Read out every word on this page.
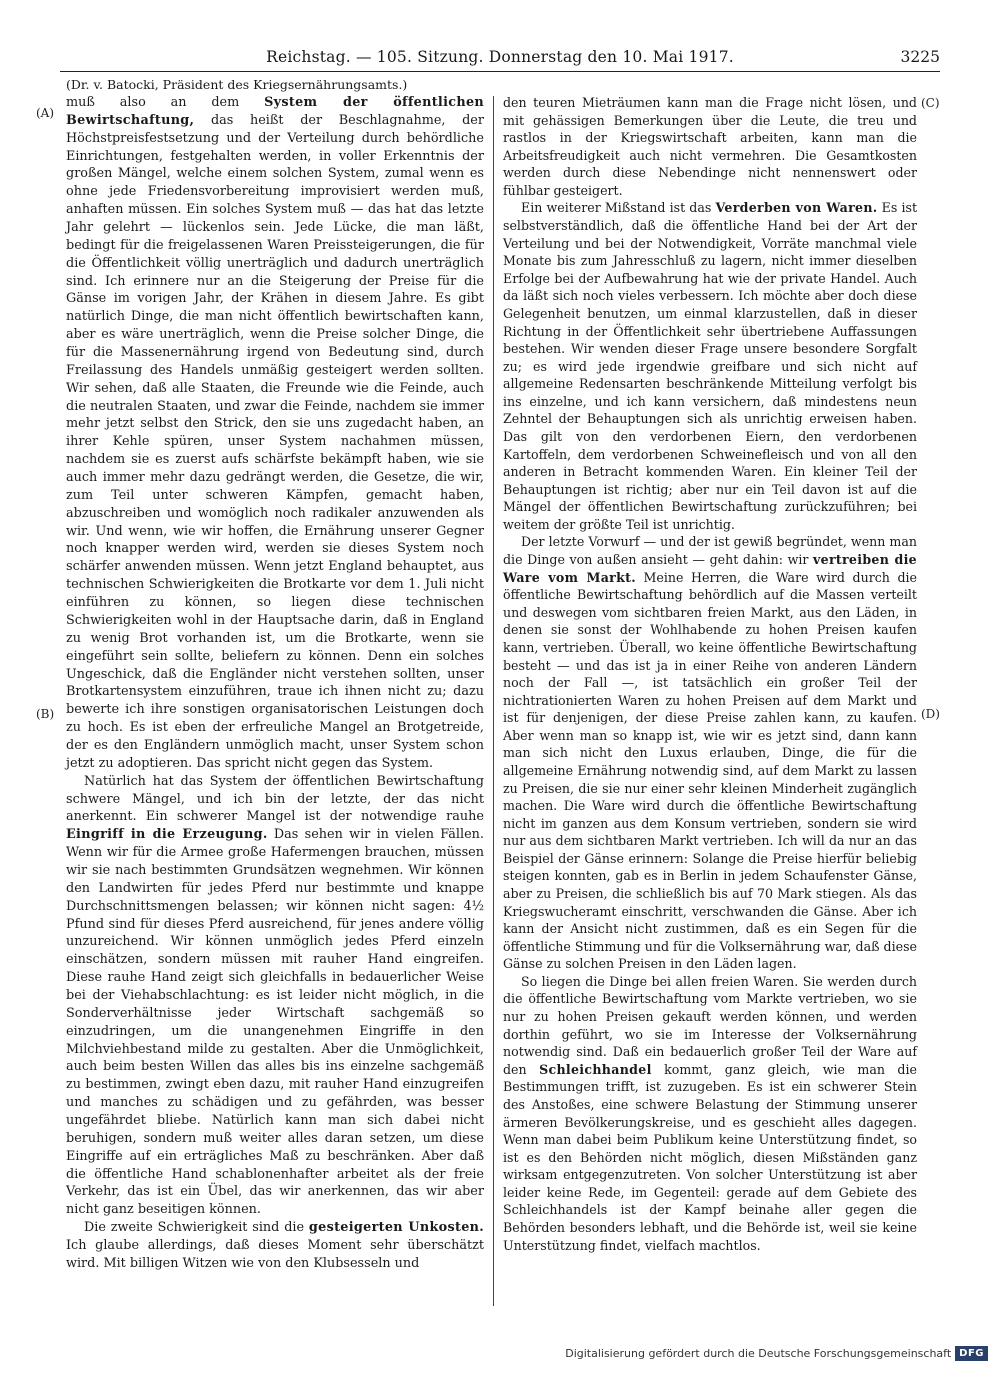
Reichstag. — 105. Sitzung. Donnerstag den 10. Mai 1917.	3225
(Dr. v. Batocki, Präsident des Kriegsernährungsamts.)
(A)
(B)
(C)
(D)

muß also an dem System der öffentlichen Bewirtschaftung, das heißt der Beschlagnahme, der Höchstpreisfestsetzung und der Verteilung durch behördliche Einrichtungen, festgehalten werden, in voller Erkenntnis der großen Mängel, welche einem solchen System, zumal wenn es ohne jede Friedensvorbereitung improvisiert werden muß, anhaften müssen. Ein solches System muß — das hat das letzte Jahr gelehrt — lückenlos sein. Jede Lücke, die man läßt, bedingt für die freigelassenen Waren Preissteigerungen, die für die Öffentlichkeit völlig unerträglich und dadurch unerträglich sind. Ich erinnere nur an die Steigerung der Preise für die Gänse im vorigen Jahr, der Krähen in diesem Jahre. Es gibt natürlich Dinge, die man nicht öffentlich bewirtschaften kann, aber es wäre unerträglich, wenn die Preise solcher Dinge, die für die Massenernährung irgend von Bedeutung sind, durch Freilassung des Handels unmäßig gesteigert werden sollten. Wir sehen, daß alle Staaten, die Freunde wie die Feinde, auch die neutralen Staaten, und zwar die Feinde, nachdem sie immer mehr jetzt selbst den Strick, den sie uns zugedacht haben, an ihrer Kehle spüren, unser System nachahmen müssen, nachdem sie es zuerst aufs schärfste bekämpft haben, wie sie auch immer mehr dazu gedrängt werden, die Gesetze, die wir, zum Teil unter schweren Kämpfen, gemacht haben, abzuschreiben und womöglich noch radikaler anzuwenden als wir. Und wenn, wie wir hoffen, die Ernährung unserer Gegner noch knapper werden wird, werden sie dieses System noch schärfer anwenden müssen. Wenn jetzt England behauptet, aus technischen Schwierigkeiten die Brotkarte vor dem 1. Juli nicht einführen zu können, so liegen diese technischen Schwierigkeiten wohl in der Hauptsache darin, daß in England zu wenig Brot vorhanden ist, um die Brotkarte, wenn sie eingeführt sein sollte, beliefern zu können. Denn ein solches Ungeschick, daß die Engländer nicht verstehen sollten, unser Brotkartensystem einzuführen, traue ich ihnen nicht zu; dazu bewerte ich ihre sonstigen organisatorischen Leistungen doch zu hoch. Es ist eben der erfreuliche Mangel an Brotgetreide, der es den Engländern unmöglich macht, unser System schon jetzt zu adoptieren. Das spricht nicht gegen das System.

Natürlich hat das System der öffentlichen Bewirtschaftung schwere Mängel, und ich bin der letzte, der das nicht anerkennt. Ein schwerer Mangel ist der notwendige rauhe Eingriff in die Erzeugung. Das sehen wir in vielen Fällen. Wenn wir für die Armee große Hafermengen brauchen, müssen wir sie nach bestimmten Grundsätzen wegnehmen. Wir können den Landwirten für jedes Pferd nur bestimmte und knappe Durchschnittsmengen belassen; wir können nicht sagen: 4½ Pfund sind für dieses Pferd ausreichend, für jenes andere völlig unzureichend. Wir können unmöglich jedes Pferd einzeln einschätzen, sondern müssen mit rauher Hand eingreifen. Diese rauhe Hand zeigt sich gleichfalls in bedauerlicher Weise bei der Viehabschlachtung: es ist leider nicht möglich, in die Sonderverhältnisse jeder Wirtschaft sachgemäß so einzudringen, um die unangenehmen Eingriffe in den Milchviehbestand milde zu gestalten. Aber die Unmöglichkeit, auch beim besten Willen das alles bis ins einzelne sachgemäß zu bestimmen, zwingt eben dazu, mit rauher Hand einzugreifen und manches zu schädigen und zu gefährden, was besser ungefährdet bliebe. Natürlich kann man sich dabei nicht beruhigen, sondern muß weiter alles daran setzen, um diese Eingriffe auf ein erträgliches Maß zu beschränken. Aber daß die öffentliche Hand schablonenhafter arbeitet als der freie Verkehr, das ist ein Übel, das wir anerkennen, das wir aber nicht ganz beseitigen können.

Die zweite Schwierigkeit sind die gesteigerten Unkosten. Ich glaube allerdings, daß dieses Moment sehr überschätzt wird. Mit billigen Witzen wie von den Klubsesseln und

den teuren Mieträumen kann man die Frage nicht lösen, und mit gehässigen Bemerkungen über die Leute, die treu und rastlos in der Kriegswirtschaft arbeiten, kann man die Arbeitsfreudigkeit auch nicht vermehren. Die Gesamtkosten werden durch diese Nebendinge nicht nennenswert oder fühlbar gesteigert.

Ein weiterer Mißstand ist das Verderben von Waren. Es ist selbstverständlich, daß die öffentliche Hand bei der Art der Verteilung und bei der Notwendigkeit, Vorräte manchmal viele Monate bis zum Jahresschluß zu lagern, nicht immer dieselben Erfolge bei der Aufbewahrung hat wie der private Handel. Auch da läßt sich noch vieles verbessern. Ich möchte aber doch diese Gelegenheit benutzen, um einmal klarzustellen, daß in dieser Richtung in der Öffentlichkeit sehr übertriebene Auffassungen bestehen. Wir wenden dieser Frage unsere besondere Sorgfalt zu; es wird jede irgendwie greifbare und sich nicht auf allgemeine Redensarten beschränkende Mitteilung verfolgt bis ins einzelne, und ich kann versichern, daß mindestens neun Zehntel der Behauptungen sich als unrichtig erweisen haben. Das gilt von den verdorbenen Eiern, den verdorbenen Kartoffeln, dem verdorbenen Schweinefleisch und von all den anderen in Betracht kommenden Waren. Ein kleiner Teil der Behauptungen ist richtig; aber nur ein Teil davon ist auf die Mängel der öffentlichen Bewirtschaftung zurückzuführen; bei weitem der größte Teil ist unrichtig.

Der letzte Vorwurf — und der ist gewiß begründet, wenn man die Dinge von außen ansieht — geht dahin: wir vertreiben die Ware vom Markt. Meine Herren, die Ware wird durch die öffentliche Bewirtschaftung behördlich auf die Massen verteilt und deswegen vom sichtbaren freien Markt, aus den Läden, in denen sie sonst der Wohlhabende zu hohen Preisen kaufen kann, vertrieben. Überall, wo keine öffentliche Bewirtschaftung besteht — und das ist ja in einer Reihe von anderen Ländern noch der Fall —, ist tatsächlich ein großer Teil der nichtrationierten Waren zu hohen Preisen auf dem Markt und ist für denjenigen, der diese Preise zahlen kann, zu kaufen. Aber wenn man so knapp ist, wie wir es jetzt sind, dann kann man sich nicht den Luxus erlauben, Dinge, die für die allgemeine Ernährung notwendig sind, auf dem Markt zu lassen zu Preisen, die sie nur einer sehr kleinen Minderheit zugänglich machen. Die Ware wird durch die öffentliche Bewirtschaftung nicht im ganzen aus dem Konsum vertrieben, sondern sie wird nur aus dem sichtbaren Markt vertrieben. Ich will da nur an das Beispiel der Gänse erinnern: Solange die Preise hierfür beliebig steigen konnten, gab es in Berlin in jedem Schaufenster Gänse, aber zu Preisen, die schließlich bis auf 70 Mark stiegen. Als das Kriegswucheramt einschritt, verschwanden die Gänse. Aber ich kann der Ansicht nicht zustimmen, daß es ein Segen für die öffentliche Stimmung und für die Volksernährung war, daß diese Gänse zu solchen Preisen in den Läden lagen.

So liegen die Dinge bei allen freien Waren. Sie werden durch die öffentliche Bewirtschaftung vom Markte vertrieben, wo sie nur zu hohen Preisen gekauft werden können, und werden dorthin geführt, wo sie im Interesse der Volksernährung notwendig sind. Daß ein bedauerlich großer Teil der Ware auf den Schleichhandel kommt, ganz gleich, wie man die Bestimmungen trifft, ist zuzugeben. Es ist ein schwerer Stein des Anstoßes, eine schwere Belastung der Stimmung unserer ärmeren Bevölkerungskreise, und es geschieht alles dagegen. Wenn man dabei beim Publikum keine Unterstützung findet, so ist es den Behörden nicht möglich, diesen Mißständen ganz wirksam entgegenzutreten. Von solcher Unterstützung ist aber leider keine Rede, im Gegenteil: gerade auf dem Gebiete des Schleichhandels ist der Kampf beinahe aller gegen die Behörden besonders lebhaft, und die Behörde ist, weil sie keine Unterstützung findet, vielfach machtlos.

Digitalisierung gefördert durch die Deutsche Forschungsgemeinschaft DFG
